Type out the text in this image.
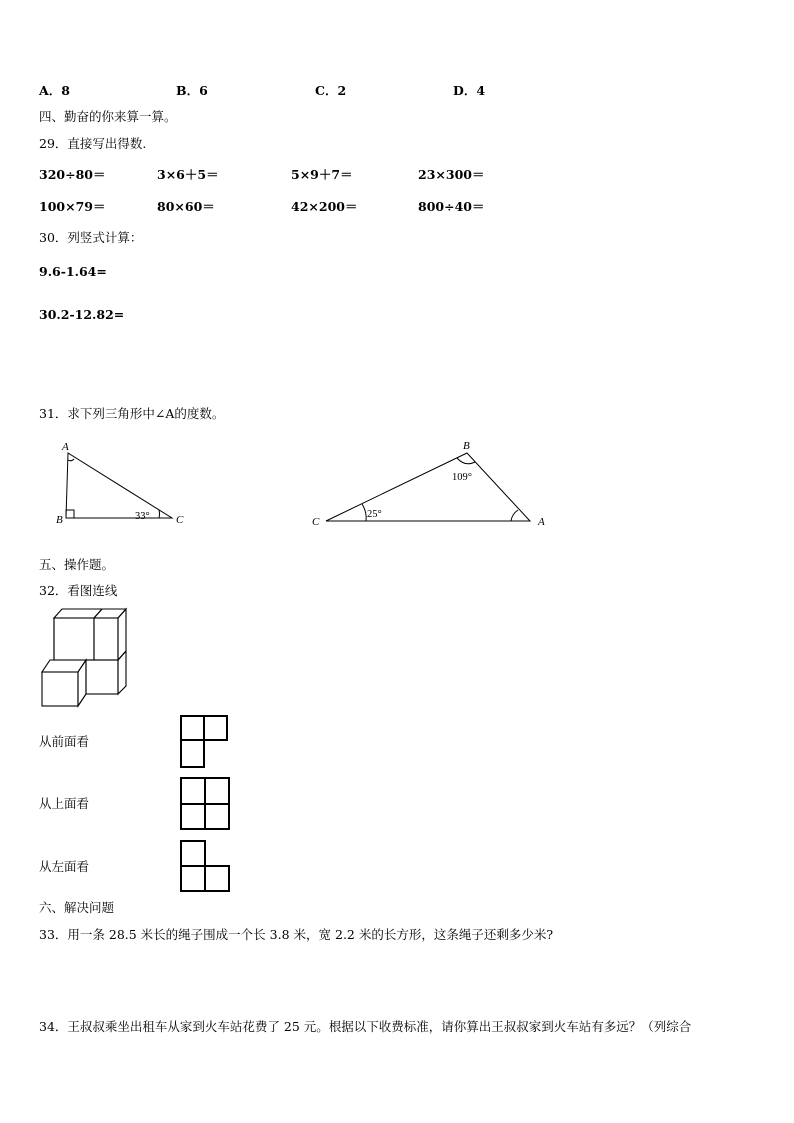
A．8	B．6	C．2	D．4
四、勤奋的你来算一算。
29．直接写出得数.
320÷80＝	3×6＋5＝	5×9＋7＝	23×300＝
100×79＝	80×60＝	42×200＝	800÷40＝
30．列竖式计算：
9.6-1.64=
30.2-12.82=
31．求下列三角形中∠A的度数。
A
B	C
33°
B
C	A
109°
25°
五、操作题。
32．看图连线
从前面看
从上面看
从左面看
六、解决问题
33．用一条 28.5 米长的绳子围成一个长 3.8 米，宽 2.2 米的长方形，这条绳子还剩多少米?
34．王叔叔乘坐出租车从家到火车站花费了 25 元。根据以下收费标准，请你算出王叔叔家到火车站有多远？（列综合
